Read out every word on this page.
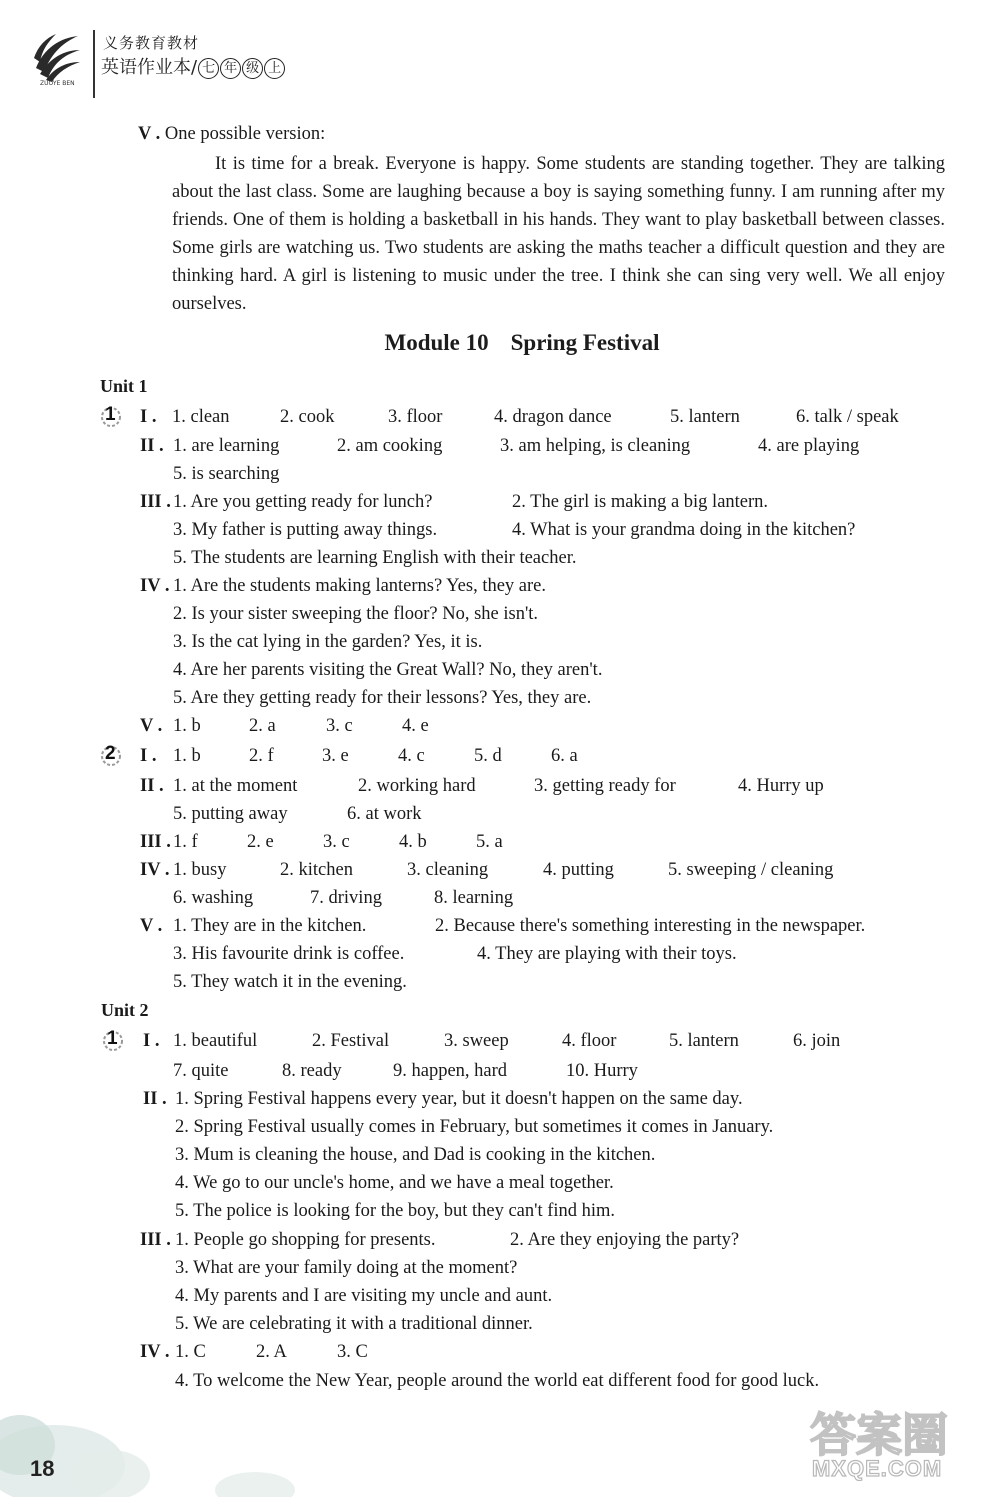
ZUOYE BEN
义务教育教材
英语作业本/ 七 年 级 上
V . One possible version:
It is time for a break. Everyone is happy. Some students are standing together. They are talking about the last class. Some are laughing because a boy is saying something funny. I am running after my friends. One of them is holding a basketball in his hands. They want to play basketball between classes. Some girls are watching us. Two students are asking the maths teacher a difficult question and they are thinking hard. A girl is listening to music under the tree. I think she can sing very well. We all enjoy ourselves.
Module 10 Spring Festival
Unit 1
1 I . 1. clean	2. cook	3. floor	4. dragon dance	5. lantern	6. talk / speak
II . 1. are learning	2. am cooking	3. am helping, is cleaning	4. are playing
5. is searching
III . 1. Are you getting ready for lunch?	2. The girl is making a big lantern.
3. My father is putting away things.	4. What is your grandma doing in the kitchen?
5. The students are learning English with their teacher.
IV . 1. Are the students making lanterns? Yes, they are.
2. Is your sister sweeping the floor? No, she isn't.
3. Is the cat lying in the garden? Yes, it is.
4. Are her parents visiting the Great Wall? No, they aren't.
5. Are they getting ready for their lessons? Yes, they are.
V . 1. b	2. a	3. c	4. e
2 I . 1. b	2. f	3. e	4. c	5. d	6. a
II . 1. at the moment	2. working hard	3. getting ready for	4. Hurry up
5. putting away	6. at work
III . 1. f	2. e	3. c	4. b	5. a
IV . 1. busy	2. kitchen	3. cleaning	4. putting	5. sweeping / cleaning
6. washing	7. driving	8. learning
V . 1. They are in the kitchen.	2. Because there's something interesting in the newspaper.
3. His favourite drink is coffee.	4. They are playing with their toys.
5. They watch it in the evening.
Unit 2
1 I . 1. beautiful	2. Festival	3. sweep	4. floor	5. lantern	6. join
7. quite	8. ready	9. happen, hard	10. Hurry
II . 1. Spring Festival happens every year, but it doesn't happen on the same day.
2. Spring Festival usually comes in February, but sometimes it comes in January.
3. Mum is cleaning the house, and Dad is cooking in the kitchen.
4. We go to our uncle's home, and we have a meal together.
5. The police is looking for the boy, but they can't find him.
III . 1. People go shopping for presents.	2. Are they enjoying the party?
3. What are your family doing at the moment?
4. My parents and I are visiting my uncle and aunt.
5. We are celebrating it with a traditional dinner.
IV . 1. C	2. A	3. C
4. To welcome the New Year, people around the world eat different food for good luck.
18
答案圈
MXQE.COM
